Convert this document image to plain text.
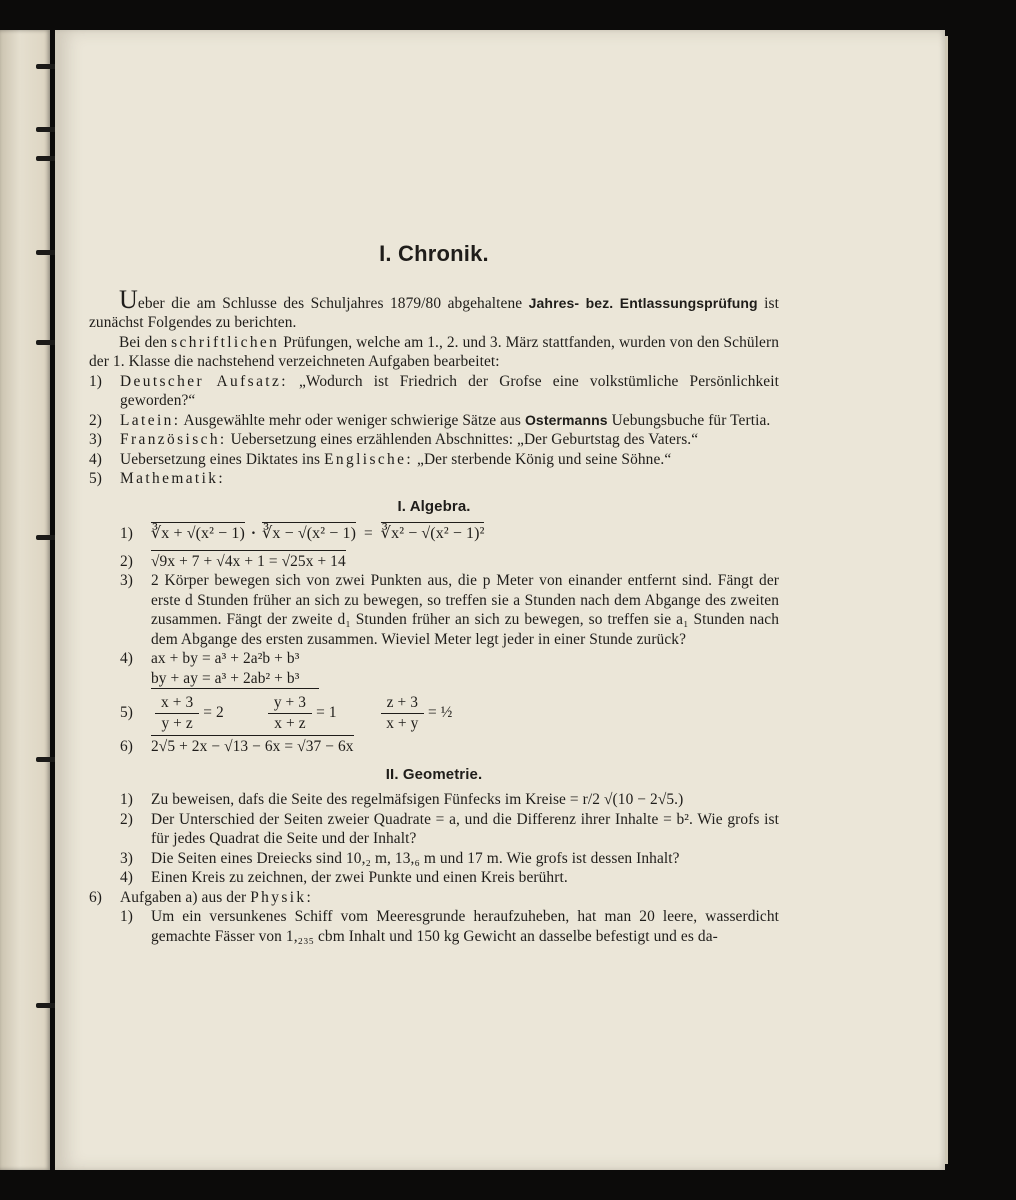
I. Chronik.

Ueber die am Schlusse des Schuljahres 1879/80 abgehaltene Jahres- bez. Entlassungsprüfung ist zunächst Folgendes zu berichten.

Bei den schriftlichen Prüfungen, welche am 1., 2. und 3. März stattfanden, wurden von den Schülern der 1. Klasse die nachstehend verzeichneten Aufgaben bearbeitet:

1)	Deutscher Aufsatz: „Wodurch ist Friedrich der Grofse eine volkstümliche Persönlichkeit geworden?“
2)	Latein: Ausgewählte mehr oder weniger schwierige Sätze aus Ostermanns Uebungsbuche für Tertia.
3)	Französisch: Uebersetzung eines erzählenden Abschnittes: „Der Geburtstag des Vaters.“
4)	Uebersetzung eines Diktates ins Englische: „Der sterbende König und seine Söhne.“
5)	Mathematik:
I. Algebra.
1)	∛x + √(x² − 1) · ∛x − √(x² − 1) = ∛x² − √(x² − 1)²
2)	√9x + 7 + √4x + 1 = √25x + 14
3)	2 Körper bewegen sich von zwei Punkten aus, die p Meter von einander entfernt sind. Fängt der erste d Stunden früher an sich zu bewegen, so treffen sie a Stunden nach dem Abgange des zweiten zusammen. Fängt der zweite d₁ Stunden früher an sich zu bewegen, so treffen sie a₁ Stunden nach dem Abgange des ersten zusammen. Wieviel Meter legt jeder in einer Stunde zurück?
4)	ax + by = a³ + 2a²b + b³
by + ay = a³ + 2ab² + b³
5)	$\frac{x + 3}{y + z} = 2$	$\frac{y + 3}{x + z} = 1$	$\frac{z + 3}{x + y}$ = ½
6)	2√5 + 2x − √13 − 6x = √37 − 6x
II. Geometrie.
1)	Zu beweisen, dafs die Seite des regelmäfsigen Fünfecks im Kreise = r/2 √(10 − 2√5.)
2)	Der Unterschied der Seiten zweier Quadrate = a, und die Differenz ihrer Inhalte = b². Wie grofs ist für jedes Quadrat die Seite und der Inhalt?
3)	Die Seiten eines Dreiecks sind 10,₂ m, 13,₆ m und 17 m. Wie grofs ist dessen Inhalt?
4)	Einen Kreis zu zeichnen, der zwei Punkte und einen Kreis berührt.
6)	Aufgaben a) aus der Physik:
1)	Um ein versunkenes Schiff vom Meeresgrunde heraufzuheben, hat man 20 leere, wasserdicht gemachte Fässer von 1,₂₃₅ cbm Inhalt und 150 kg Gewicht an dasselbe befestigt und es da-
